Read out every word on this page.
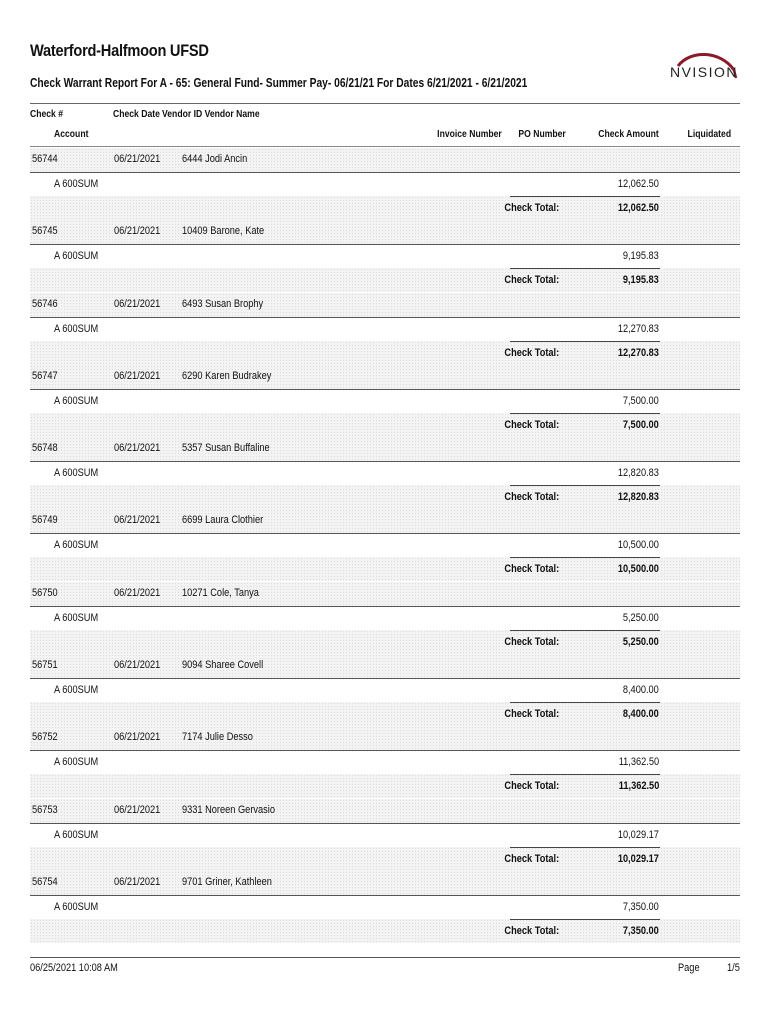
Waterford-Halfmoon UFSD
Check Warrant Report For A - 65: General Fund- Summer Pay- 06/21/21 For Dates 6/21/2021 - 6/21/2021
NVISION
Check #	Check Date Vendor ID Vendor Name
Account	Invoice Number PO Number	Check Amount	Liquidated
56744	06/21/2021 6444 Jodi Ancin
A 600SUM	12,062.50
Check Total:	12,062.50
56745	06/21/2021 10409 Barone, Kate
A 600SUM	9,195.83
Check Total:	9,195.83
56746	06/21/2021 6493 Susan Brophy
A 600SUM	12,270.83
Check Total:	12,270.83
56747	06/21/2021 6290 Karen Budrakey
A 600SUM	7,500.00
Check Total:	7,500.00
56748	06/21/2021 5357 Susan Buffaline
A 600SUM	12,820.83
Check Total:	12,820.83
56749	06/21/2021 6699 Laura Clothier
A 600SUM	10,500.00
Check Total:	10,500.00
56750	06/21/2021 10271 Cole, Tanya
A 600SUM	5,250.00
Check Total:	5,250.00
56751	06/21/2021 9094 Sharee Covell
A 600SUM	8,400.00
Check Total:	8,400.00
56752	06/21/2021 7174 Julie Desso
A 600SUM	11,362.50
Check Total:	11,362.50
56753	06/21/2021 9331 Noreen Gervasio
A 600SUM	10,029.17
Check Total:	10,029.17
56754	06/21/2021 9701 Griner, Kathleen
A 600SUM	7,350.00
Check Total:	7,350.00
06/25/2021 10:08 AM	Page 1/5
